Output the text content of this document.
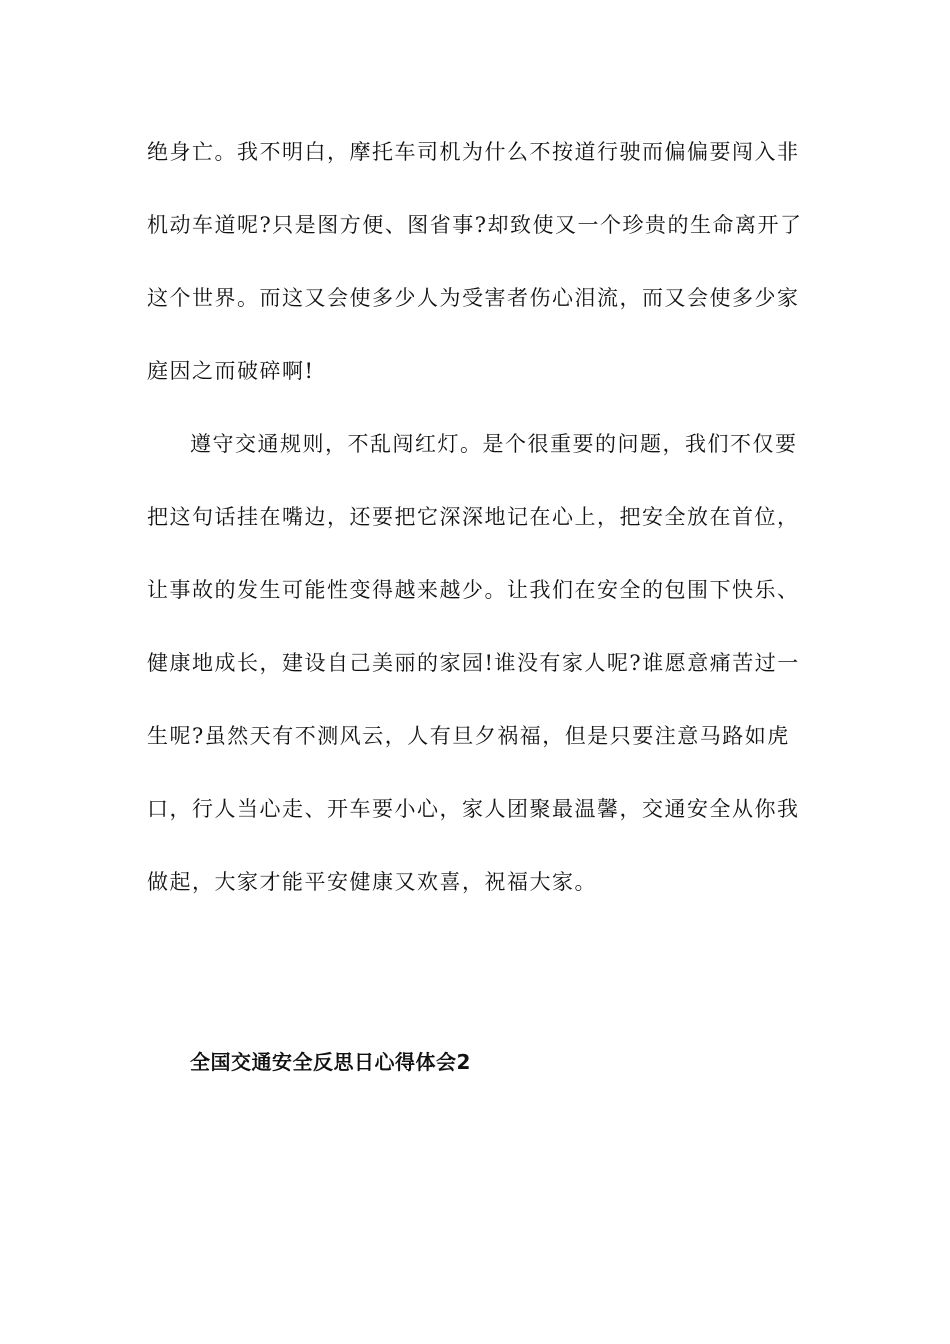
绝身亡。我不明白，摩托车司机为什么不按道行驶而偏偏要闯入非
机动车道呢?只是图方便、图省事?却致使又一个珍贵的生命离开了
这个世界。而这又会使多少人为受害者伤心泪流，而又会使多少家
庭因之而破碎啊!
遵守交通规则，不乱闯红灯。是个很重要的问题，我们不仅要
把这句话挂在嘴边，还要把它深深地记在心上，把安全放在首位，
让事故的发生可能性变得越来越少。让我们在安全的包围下快乐、
健康地成长，建设自己美丽的家园!谁没有家人呢?谁愿意痛苦过一
生呢?虽然天有不测风云，人有旦夕祸福，但是只要注意马路如虎
口，行人当心走、开车要小心，家人团聚最温馨，交通安全从你我
做起，大家才能平安健康又欢喜，祝福大家。
全国交通安全反思日心得体会2
